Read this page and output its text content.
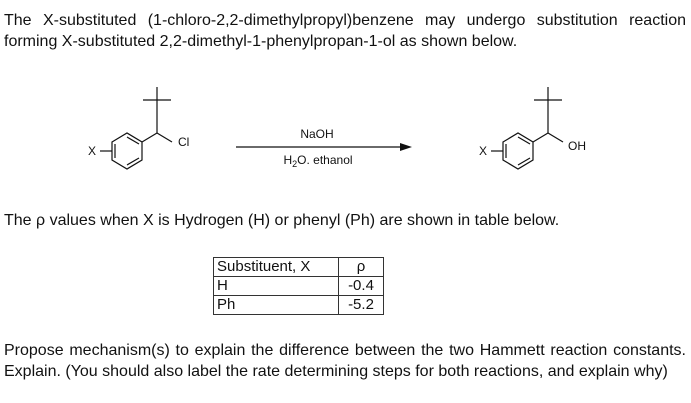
The X-substituted (1-chloro-2,2-dimethylpropyl)benzene may undergo substitution reaction forming X-substituted 2,2-dimethyl-1-phenylpropan-1-ol as shown below.
X
Cl
NaOH
$H_2O$. ethanol
X	OH
The ρ values when X is Hydrogen (H) or phenyl (Ph) are shown in table below.
Substituent, X	ρ
H	-0.4
Ph	-5.2
Propose mechanism(s) to explain the difference between the two Hammett reaction constants. Explain. (You should also label the rate determining steps for both reactions, and explain why)
